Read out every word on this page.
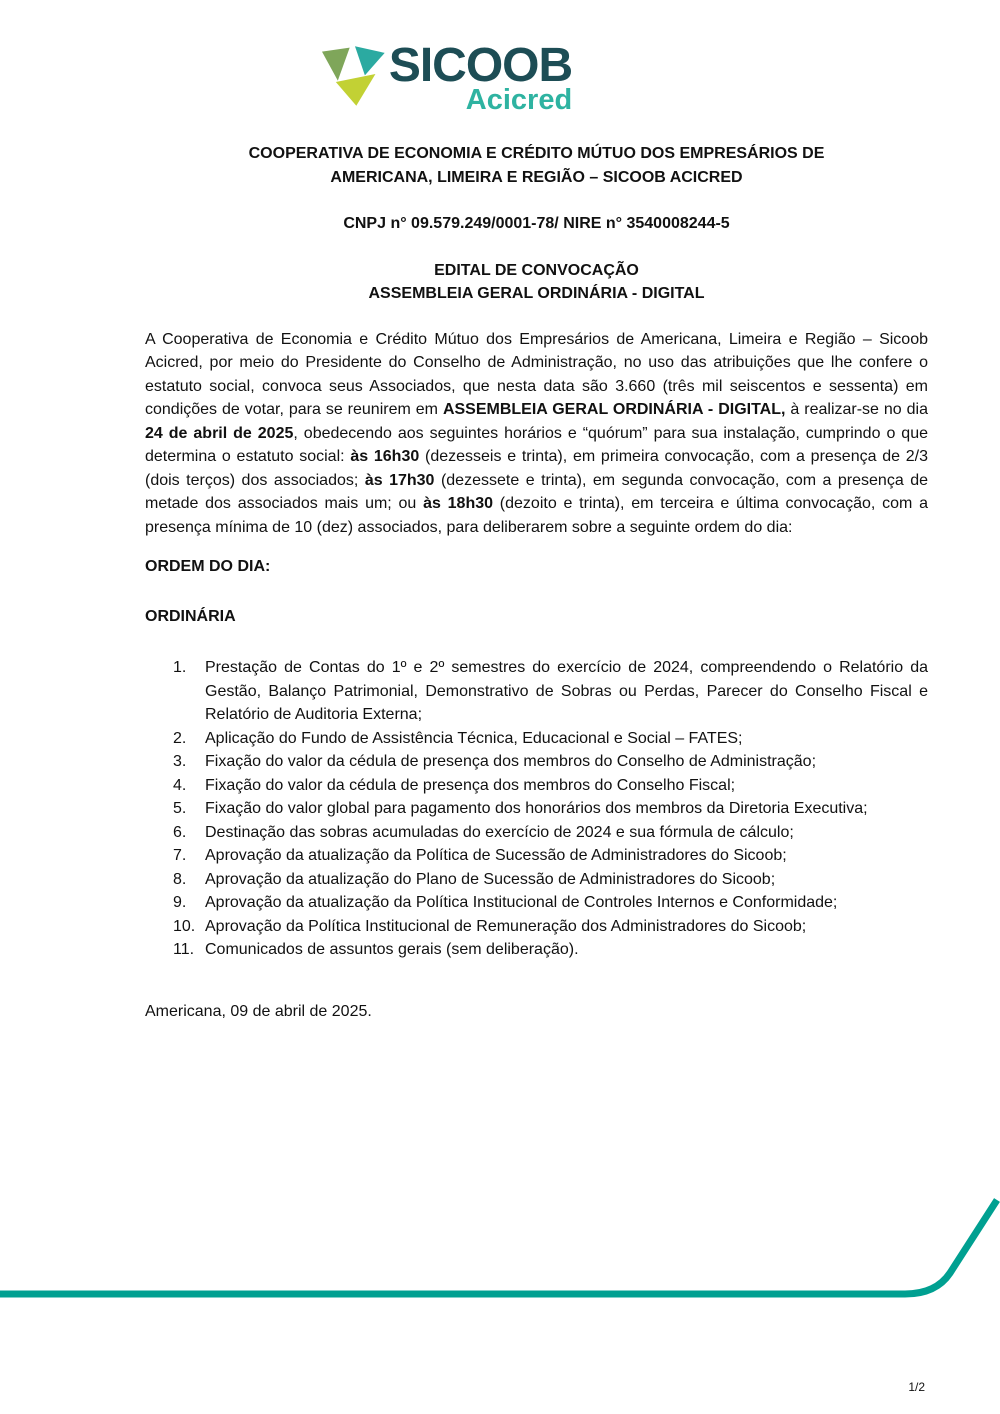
SICOOB
Acicred
COOPERATIVA DE ECONOMIA E CRÉDITO MÚTUO DOS EMPRESÁRIOS DE
AMERICANA, LIMEIRA E REGIÃO – SICOOB ACICRED
CNPJ n° 09.579.249/0001-78/ NIRE n° 3540008244-5
EDITAL DE CONVOCAÇÃO
ASSEMBLEIA GERAL ORDINÁRIA - DIGITAL

A Cooperativa de Economia e Crédito Mútuo dos Empresários de Americana, Limeira e Região – Sicoob Acicred, por meio do Presidente do Conselho de Administração, no uso das atribuições que lhe confere o estatuto social, convoca seus Associados, que nesta data são 3.660 (três mil seiscentos e sessenta) em condições de votar, para se reunirem em ASSEMBLEIA GERAL ORDINÁRIA - DIGITAL, à realizar-se no dia 24 de abril de 2025, obedecendo aos seguintes horários e “quórum” para sua instalação, cumprindo o que determina o estatuto social: às 16h30 (dezesseis e trinta), em primeira convocação, com a presença de 2/3 (dois terços) dos associados; às 17h30 (dezessete e trinta), em segunda convocação, com a presença de metade dos associados mais um; ou às 18h30 (dezoito e trinta), em terceira e última convocação, com a presença mínima de 10 (dez) associados, para deliberarem sobre a seguinte ordem do dia:

ORDEM DO DIA:
ORDINÁRIA
Prestação de Contas do 1º e 2º semestres do exercício de 2024, compreendendo o Relatório da Gestão, Balanço Patrimonial, Demonstrativo de Sobras ou Perdas, Parecer do Conselho Fiscal e Relatório de Auditoria Externa;
Aplicação do Fundo de Assistência Técnica, Educacional e Social – FATES;
Fixação do valor da cédula de presença dos membros do Conselho de Administração;
Fixação do valor da cédula de presença dos membros do Conselho Fiscal;
Fixação do valor global para pagamento dos honorários dos membros da Diretoria Executiva;
Destinação das sobras acumuladas do exercício de 2024 e sua fórmula de cálculo;
Aprovação da atualização da Política de Sucessão de Administradores do Sicoob;
Aprovação da atualização do Plano de Sucessão de Administradores do Sicoob;
Aprovação da atualização da Política Institucional de Controles Internos e Conformidade;
Aprovação da Política Institucional de Remuneração dos Administradores do Sicoob;
Comunicados de assuntos gerais (sem deliberação).
Americana, 09 de abril de 2025.
1/2
